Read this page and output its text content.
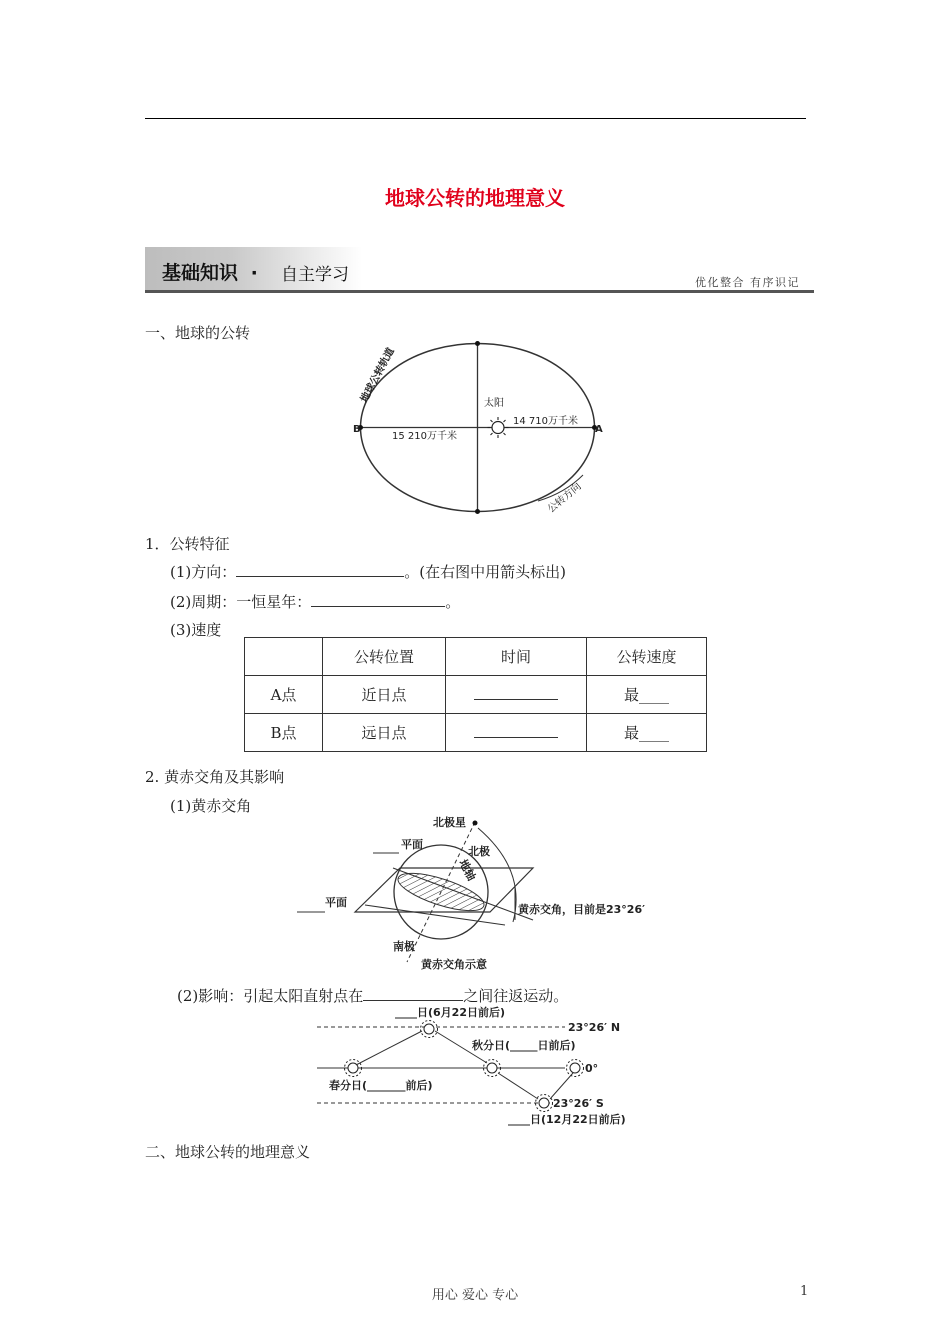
地球公转的地理意义
基础知识 · 自主学习	优化整合 有序识记
一、地球的公转
太阳
B	A
15 210万千米
14 710万千米
地球公转轨道
公转方向
1．公转特征
(1)方向：	。(在右图中用箭头标出)
(2)周期：一恒星年：	。
(3)速度
	公转位置	时间	公转速度
A点	近日点		最____
B点	远日点		最____
2. 黄赤交角及其影响
(1)黄赤交角
北极星
北极
地轴
平面
平面
黄赤交角，目前是23°26′
南极
黄赤交角示意
(2)影响：引起太阳直射点在	之间往返运动。
____日(6月22日前后)
23°26′ N
秋分日(_____日前后)
0°
春分日(_______前后)
23°26′ S
____日(12月22日前后)
二、地球公转的地理意义
用心 爱心 专心	1
